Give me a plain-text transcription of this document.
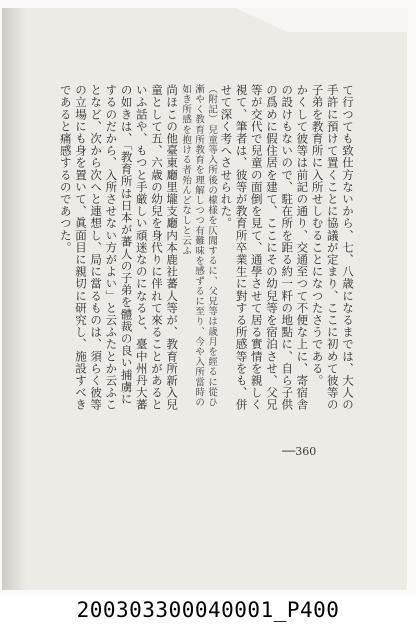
て行つても致仕方ないから、七、八歳になるまでは、大人の手許に預けて置くことに協議が定まり、ここに初めて彼等の子弟を教育所に入所せしむることになつたさうである。

かくして彼等は前記の通り、交通至つて不便な上に、寄宿舎の設けもないので、駐在所を距る約一粁の地點に、自ら子供の爲めに假住居を建て、ここにその幼兒等を宿泊させ、父兄等が交代で兒童の面倒を見て、通學させて居る實情を親しく視て、筆者は、彼等が教育所卒業生に對する所感等をも、併せて深く考へさせられた。

（附記）兒童等入所後の檬様を仄聞するに、父兄等は歳月を經るに從ひ漸やく教育所教育を理解しつつ有難味を感ずるに至り、今や入所當時の如き所感を抱ける者殆んどなしと云ふ

尚ほこの他臺東廳里壠支廳内本鹿社蕃人等が、教育所新入兒童として五、六歳の幼兒を身代りに伴れて來ることがあるといふ話や、もつと手厳しい頑迷なのになると、臺中州丹大蕃の如きは、「教育所は日本が蕃人の子弟を體裁の良い捕虜にするのだから、入所させない方がよい」と云ふたとか云ふことなど、次から次へと連想し、局に當るものは、須らく彼等の立場にも身を置いて、眞面目に親切に研究し、施設すべきであると痛感するのであつた。

──360
200303300040001_P400
